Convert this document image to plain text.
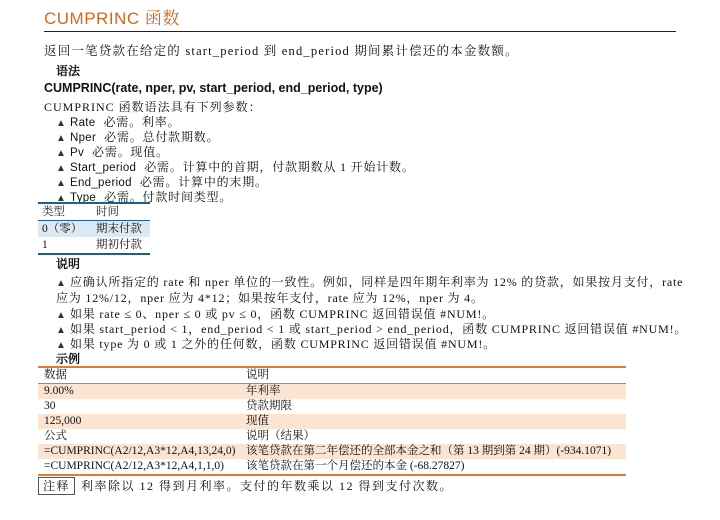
CUMPRINC 函数
返回一笔贷款在给定的 start_period 到 end_period 期间累计偿还的本金数额。
语法
CUMPRINC(rate, nper, pv, start_period, end_period, type)
CUMPRINC 函数语法具有下列参数：
▲ Rate 必需。利率。
▲ Nper 必需。总付款期数。
▲ Pv 必需。现值。
▲ Start_period 必需。计算中的首期，付款期数从 1 开始计数。
▲ End_period 必需。计算中的末期。
▲ Type 必需。付款时间类型。
类型	时间
0（零） 期末付款
1	期初付款
说明
▲ 应确认所指定的 rate 和 nper 单位的一致性。例如，同样是四年期年利率为 12% 的贷款，如果按月支付，rate
应为 12%/12，nper 应为 4*12；如果按年支付，rate 应为 12%，nper 为 4。
▲ 如果 rate ≤ 0、nper ≤ 0 或 pv ≤ 0，函数 CUMPRINC 返回错误值 #NUM!。
▲ 如果 start_period < 1，end_period < 1 或 start_period > end_period，函数 CUMPRINC 返回错误值 #NUM!。
▲ 如果 type 为 0 或 1 之外的任何数，函数 CUMPRINC 返回错误值 #NUM!。
示例
数据	说明
9.00%	年利率
30	贷款期限
125,000	现值
公式	说明（结果）
=CUMPRINC(A2/12,A3*12,A4,13,24,0) 该笔贷款在第二年偿还的全部本金之和（第 13 期到第 24 期）(-934.1071)
=CUMPRINC(A2/12,A3*12,A4,1,1,0) 该笔贷款在第一个月偿还的本金 (-68.27827)
注释 利率除以 12 得到月利率。支付的年数乘以 12 得到支付次数。
